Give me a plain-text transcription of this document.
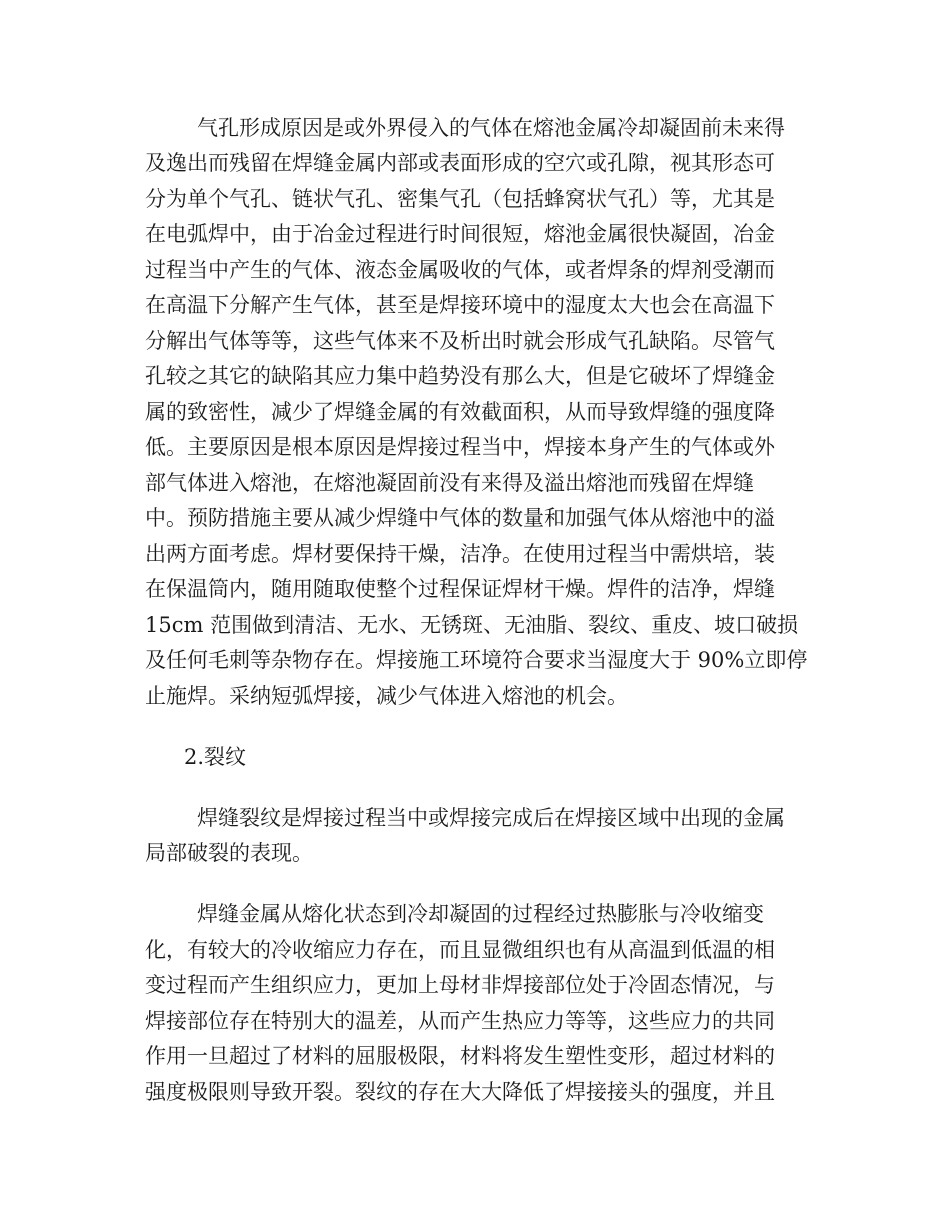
气孔形成原因是或外界侵入的气体在熔池金属冷却凝固前未来得

及逸出而残留在焊缝金属内部或表面形成的空穴或孔隙，视其形态可

分为单个气孔、链状气孔、密集气孔（包括蜂窝状气孔）等，尤其是

在电弧焊中，由于冶金过程进行时间很短，熔池金属很快凝固，冶金

过程当中产生的气体、液态金属吸收的气体，或者焊条的焊剂受潮而

在高温下分解产生气体，甚至是焊接环境中的湿度太大也会在高温下

分解出气体等等，这些气体来不及析出时就会形成气孔缺陷。尽管气

孔较之其它的缺陷其应力集中趋势没有那么大，但是它破坏了焊缝金

属的致密性，减少了焊缝金属的有效截面积，从而导致焊缝的强度降

低。主要原因是根本原因是焊接过程当中，焊接本身产生的气体或外

部气体进入熔池，在熔池凝固前没有来得及溢出熔池而残留在焊缝

中。预防措施主要从减少焊缝中气体的数量和加强气体从熔池中的溢

出两方面考虑。焊材要保持干燥，洁净。在使用过程当中需烘培，装

在保温筒内，随用随取使整个过程保证焊材干燥。焊件的洁净，焊缝

15cm 范围做到清洁、无水、无锈斑、无油脂、裂纹、重皮、坡口破损

及任何毛刺等杂物存在。焊接施工环境符合要求当湿度大于 90%立即停

止施焊。采纳短弧焊接，减少气体进入熔池的机会。

2.裂纹

焊缝裂纹是焊接过程当中或焊接完成后在焊接区域中出现的金属

局部破裂的表现。

焊缝金属从熔化状态到冷却凝固的过程经过热膨胀与冷收缩变

化，有较大的冷收缩应力存在，而且显微组织也有从高温到低温的相

变过程而产生组织应力，更加上母材非焊接部位处于冷固态情况，与

焊接部位存在特别大的温差，从而产生热应力等等，这些应力的共同

作用一旦超过了材料的屈服极限，材料将发生塑性变形，超过材料的

强度极限则导致开裂。裂纹的存在大大降低了焊接接头的强度，并且
